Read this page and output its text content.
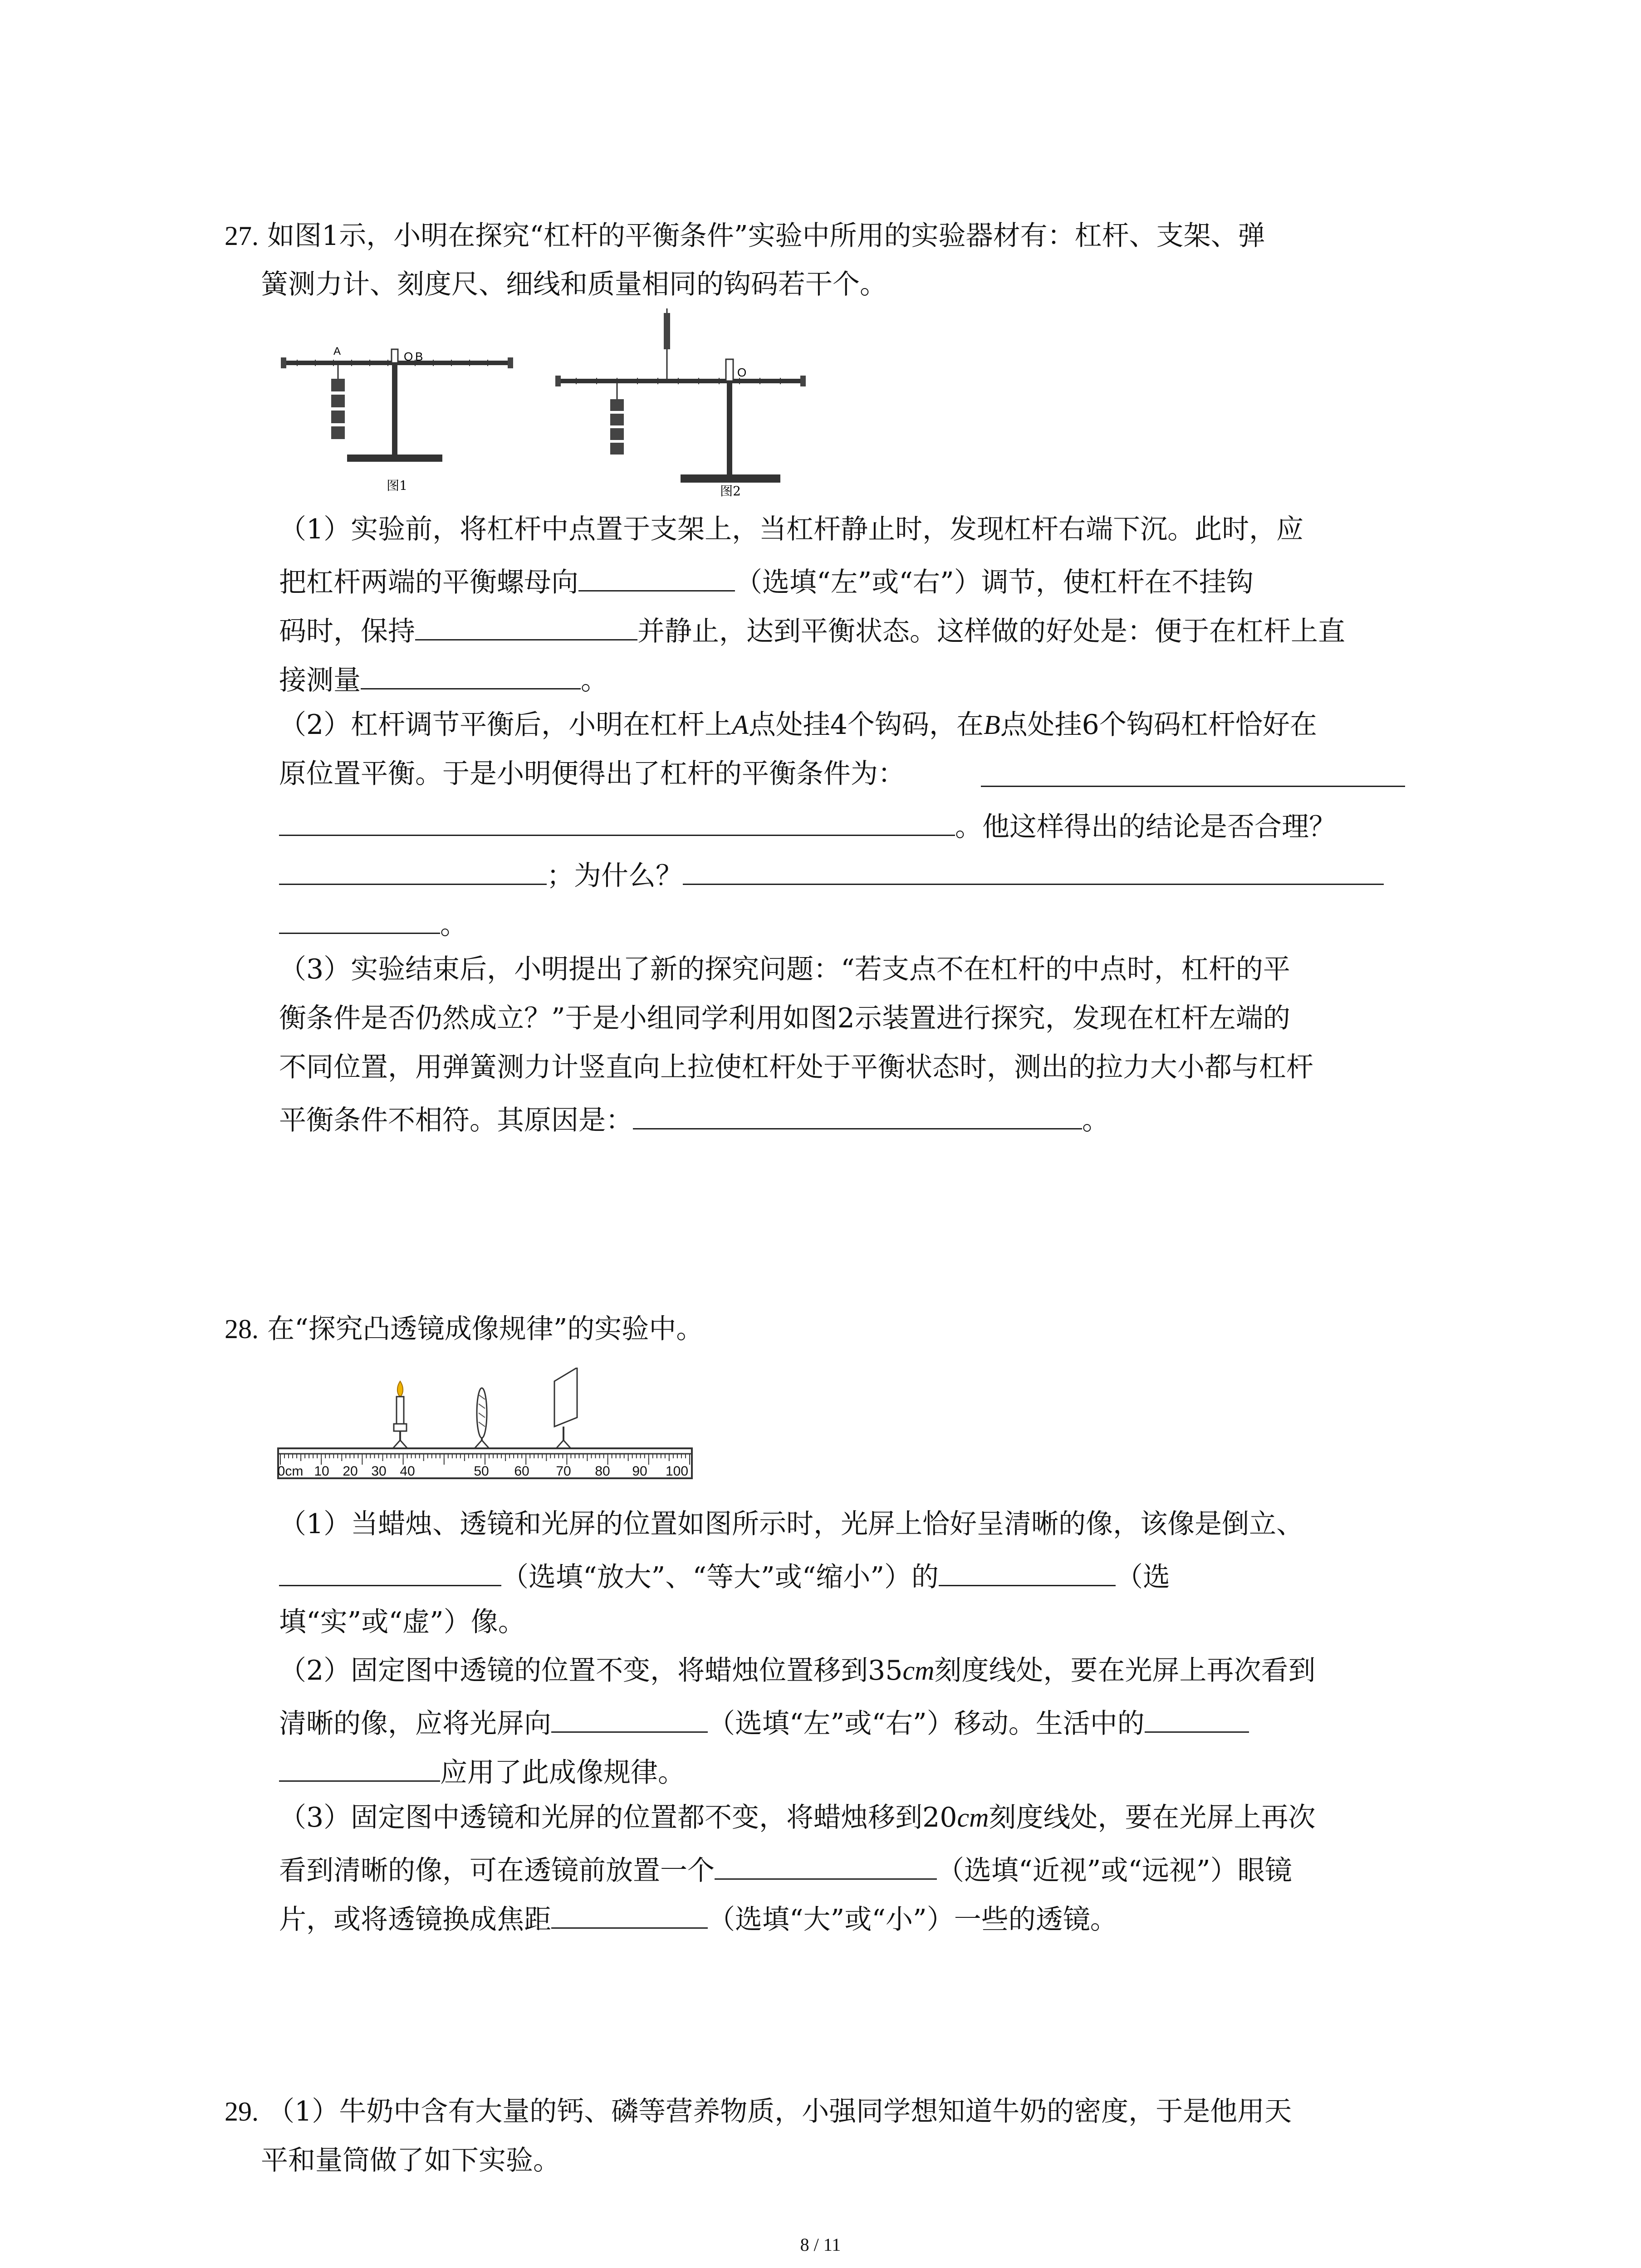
27. 如图1示，小明在探究“杠杆的平衡条件”实验中所用的实验器材有：杠杆、支架、弹
簧测力计、刻度尺、细线和质量相同的钩码若干个。
O B
A
图1
O
图2
（1）实验前，将杠杆中点置于支架上，当杠杆静止时，发现杠杆右端下沉。此时，应
把杠杆两端的平衡螺母向	（选填“左”或“右”）调节，使杠杆在不挂钩
码时，保持	并静止，达到平衡状态。这样做的好处是：便于在杠杆上直
接测量	。
（2）杠杆调节平衡后，小明在杠杆上A点处挂4个钩码，在B点处挂6个钩码杠杆恰好在
原位置平衡。于是小明便得出了杠杆的平衡条件为：
。他这样得出的结论是否合理？
；为什么？
。
（3）实验结束后，小明提出了新的探究问题：“若支点不在杠杆的中点时，杠杆的平
衡条件是否仍然成立？”于是小组同学利用如图2示装置进行探究，发现在杠杆左端的
不同位置，用弹簧测力计竖直向上拉使杠杆处于平衡状态时，测出的拉力大小都与杠杆
平衡条件不相符。其原因是：	。
28. 在“探究凸透镜成像规律”的实验中。
0cm 10 20 30 40	50 60 70 80 90 100
（1）当蜡烛、透镜和光屏的位置如图所示时，光屏上恰好呈清晰的像，该像是倒立、
（选填“放大”、“等大”或“缩小”）的	（选
填“实”或“虚”）像。
（2）固定图中透镜的位置不变，将蜡烛位置移到35cm刻度线处，要在光屏上再次看到
清晰的像，应将光屏向	（选填“左”或“右”）移动。生活中的
应用了此成像规律。
（3）固定图中透镜和光屏的位置都不变，将蜡烛移到20cm刻度线处，要在光屏上再次
看到清晰的像，可在透镜前放置一个	（选填“近视”或“远视”）眼镜
片，或将透镜换成焦距	（选填“大”或“小”）一些的透镜。
29. （1）牛奶中含有大量的钙、磷等营养物质，小强同学想知道牛奶的密度，于是他用天
平和量筒做了如下实验。
8 / 11
